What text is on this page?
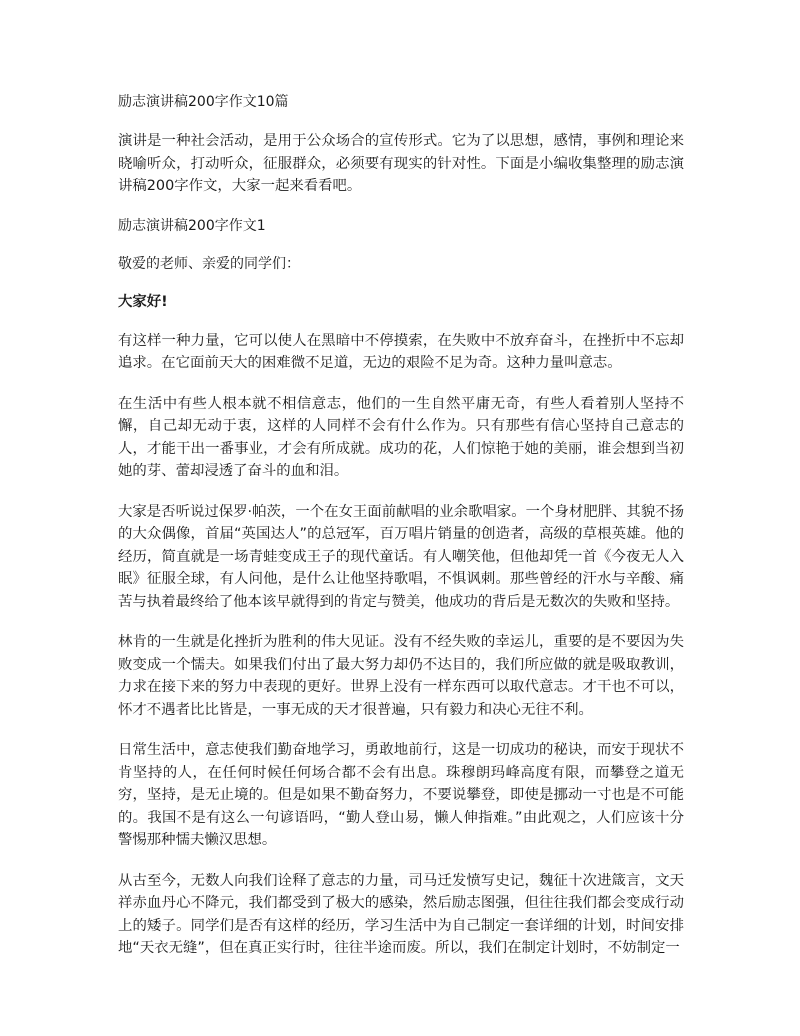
励志演讲稿200字作文10篇

演讲是一种社会活动，是用于公众场合的宣传形式。它为了以思想，感情，事例和理论来晓喻听众，打动听众，征服群众，必须要有现实的针对性。下面是小编收集整理的励志演讲稿200字作文，大家一起来看看吧。

励志演讲稿200字作文1
敬爱的老师、亲爱的同学们：
大家好!

有这样一种力量，它可以使人在黑暗中不停摸索，在失败中不放弃奋斗，在挫折中不忘却追求。在它面前天大的困难微不足道，无边的艰险不足为奇。这种力量叫意志。

在生活中有些人根本就不相信意志，他们的一生自然平庸无奇，有些人看着别人坚持不懈，自己却无动于衷，这样的人同样不会有什么作为。只有那些有信心坚持自己意志的人，才能干出一番事业，才会有所成就。成功的花，人们惊艳于她的美丽，谁会想到当初她的芽、蕾却浸透了奋斗的血和泪。

大家是否听说过保罗·帕茨，一个在女王面前献唱的业余歌唱家。一个身材肥胖、其貌不扬的大众偶像，首届“英国达人”的总冠军，百万唱片销量的创造者，高级的草根英雄。他的经历，简直就是一场青蛙变成王子的现代童话。有人嘲笑他，但他却凭一首《今夜无人入眠》征服全球，有人问他，是什么让他坚持歌唱，不惧讽刺。那些曾经的汗水与辛酸、痛苦与执着最终给了他本该早就得到的肯定与赞美，他成功的背后是无数次的失败和坚持。

林肯的一生就是化挫折为胜利的伟大见证。没有不经失败的幸运儿，重要的是不要因为失败变成一个懦夫。如果我们付出了最大努力却仍不达目的，我们所应做的就是吸取教训，力求在接下来的努力中表现的更好。世界上没有一样东西可以取代意志。才干也不可以，怀才不遇者比比皆是，一事无成的天才很普遍，只有毅力和决心无往不利。

日常生活中，意志使我们勤奋地学习，勇敢地前行，这是一切成功的秘诀，而安于现状不肯坚持的人，在任何时候任何场合都不会有出息。珠穆朗玛峰高度有限，而攀登之道无穷，坚持，是无止境的。但是如果不勤奋努力，不要说攀登，即使是挪动一寸也是不可能的。我国不是有这么一句谚语吗，“勤人登山易，懒人伸指难。”由此观之，人们应该十分警惕那种懦夫懒汉思想。

从古至今，无数人向我们诠释了意志的力量，司马迁发愤写史记，魏征十次进箴言，文天祥赤血丹心不降元，我们都受到了极大的感染，然后励志图强，但往往我们都会变成行动上的矮子。同学们是否有这样的经历，学习生活中为自己制定一套详细的计划，时间安排地“天衣无缝”，但在真正实行时，往往半途而废。所以，我们在制定计划时，不妨制定一
